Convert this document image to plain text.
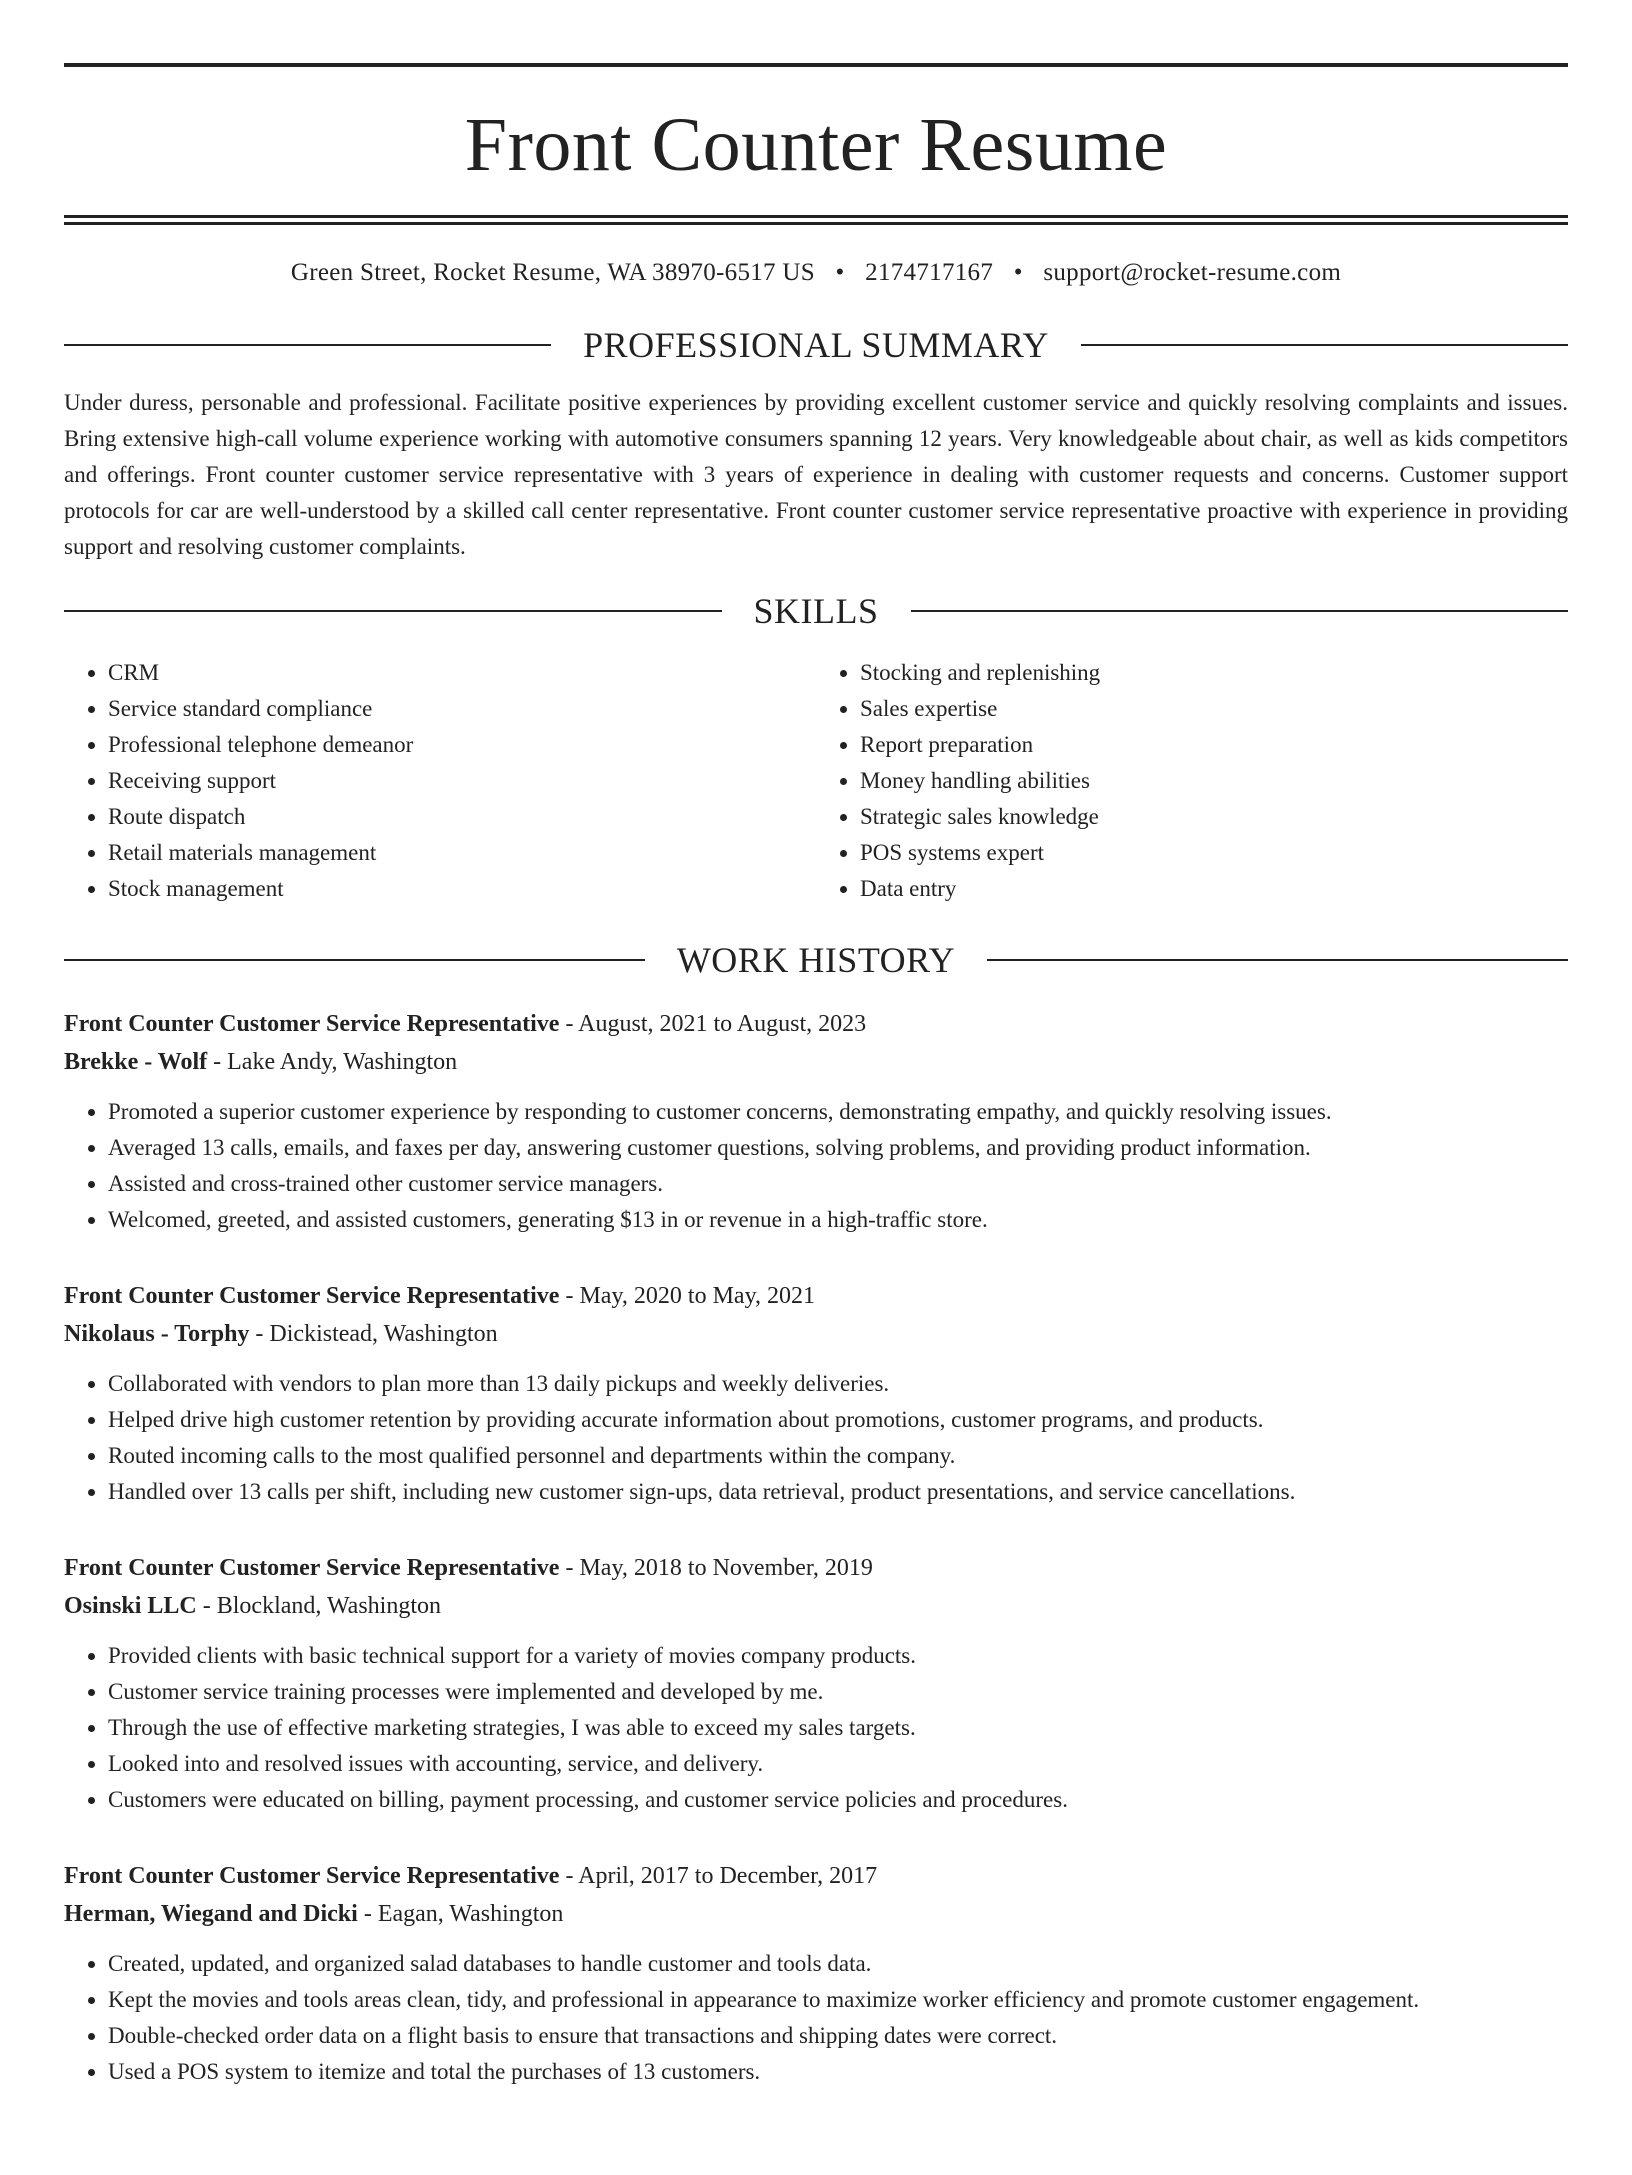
Front Counter Resume
Green Street, Rocket Resume, WA 38970-6517 US • 2174717167 • support@rocket-resume.com
PROFESSIONAL SUMMARY
Under duress, personable and professional. Facilitate positive experiences by providing excellent customer service and quickly resolving complaints and issues. Bring extensive high-call volume experience working with automotive consumers spanning 12 years. Very knowledgeable about chair, as well as kids competitors and offerings. Front counter customer service representative with 3 years of experience in dealing with customer requests and concerns. Customer support protocols for car are well-understood by a skilled call center representative. Front counter customer service representative proactive with experience in providing support and resolving customer complaints.
SKILLS
• CRM
• Service standard compliance
• Professional telephone demeanor
• Receiving support
• Route dispatch
• Retail materials management
• Stock management
• Stocking and replenishing
• Sales expertise
• Report preparation
• Money handling abilities
• Strategic sales knowledge
• POS systems expert
• Data entry
WORK HISTORY
Front Counter Customer Service Representative - August, 2021 to August, 2023
Brekke - Wolf - Lake Andy, Washington
• Promoted a superior customer experience by responding to customer concerns, demonstrating empathy, and quickly resolving issues.
• Averaged 13 calls, emails, and faxes per day, answering customer questions, solving problems, and providing product information.
• Assisted and cross-trained other customer service managers.
• Welcomed, greeted, and assisted customers, generating $13 in or revenue in a high-traffic store.
Front Counter Customer Service Representative - May, 2020 to May, 2021
Nikolaus - Torphy - Dickistead, Washington
• Collaborated with vendors to plan more than 13 daily pickups and weekly deliveries.
• Helped drive high customer retention by providing accurate information about promotions, customer programs, and products.
• Routed incoming calls to the most qualified personnel and departments within the company.
• Handled over 13 calls per shift, including new customer sign-ups, data retrieval, product presentations, and service cancellations.
Front Counter Customer Service Representative - May, 2018 to November, 2019
Osinski LLC - Blockland, Washington
• Provided clients with basic technical support for a variety of movies company products.
• Customer service training processes were implemented and developed by me.
• Through the use of effective marketing strategies, I was able to exceed my sales targets.
• Looked into and resolved issues with accounting, service, and delivery.
• Customers were educated on billing, payment processing, and customer service policies and procedures.
Front Counter Customer Service Representative - April, 2017 to December, 2017
Herman, Wiegand and Dicki - Eagan, Washington
• Created, updated, and organized salad databases to handle customer and tools data.
• Kept the movies and tools areas clean, tidy, and professional in appearance to maximize worker efficiency and promote customer engagement.
• Double-checked order data on a flight basis to ensure that transactions and shipping dates were correct.
• Used a POS system to itemize and total the purchases of 13 customers.
